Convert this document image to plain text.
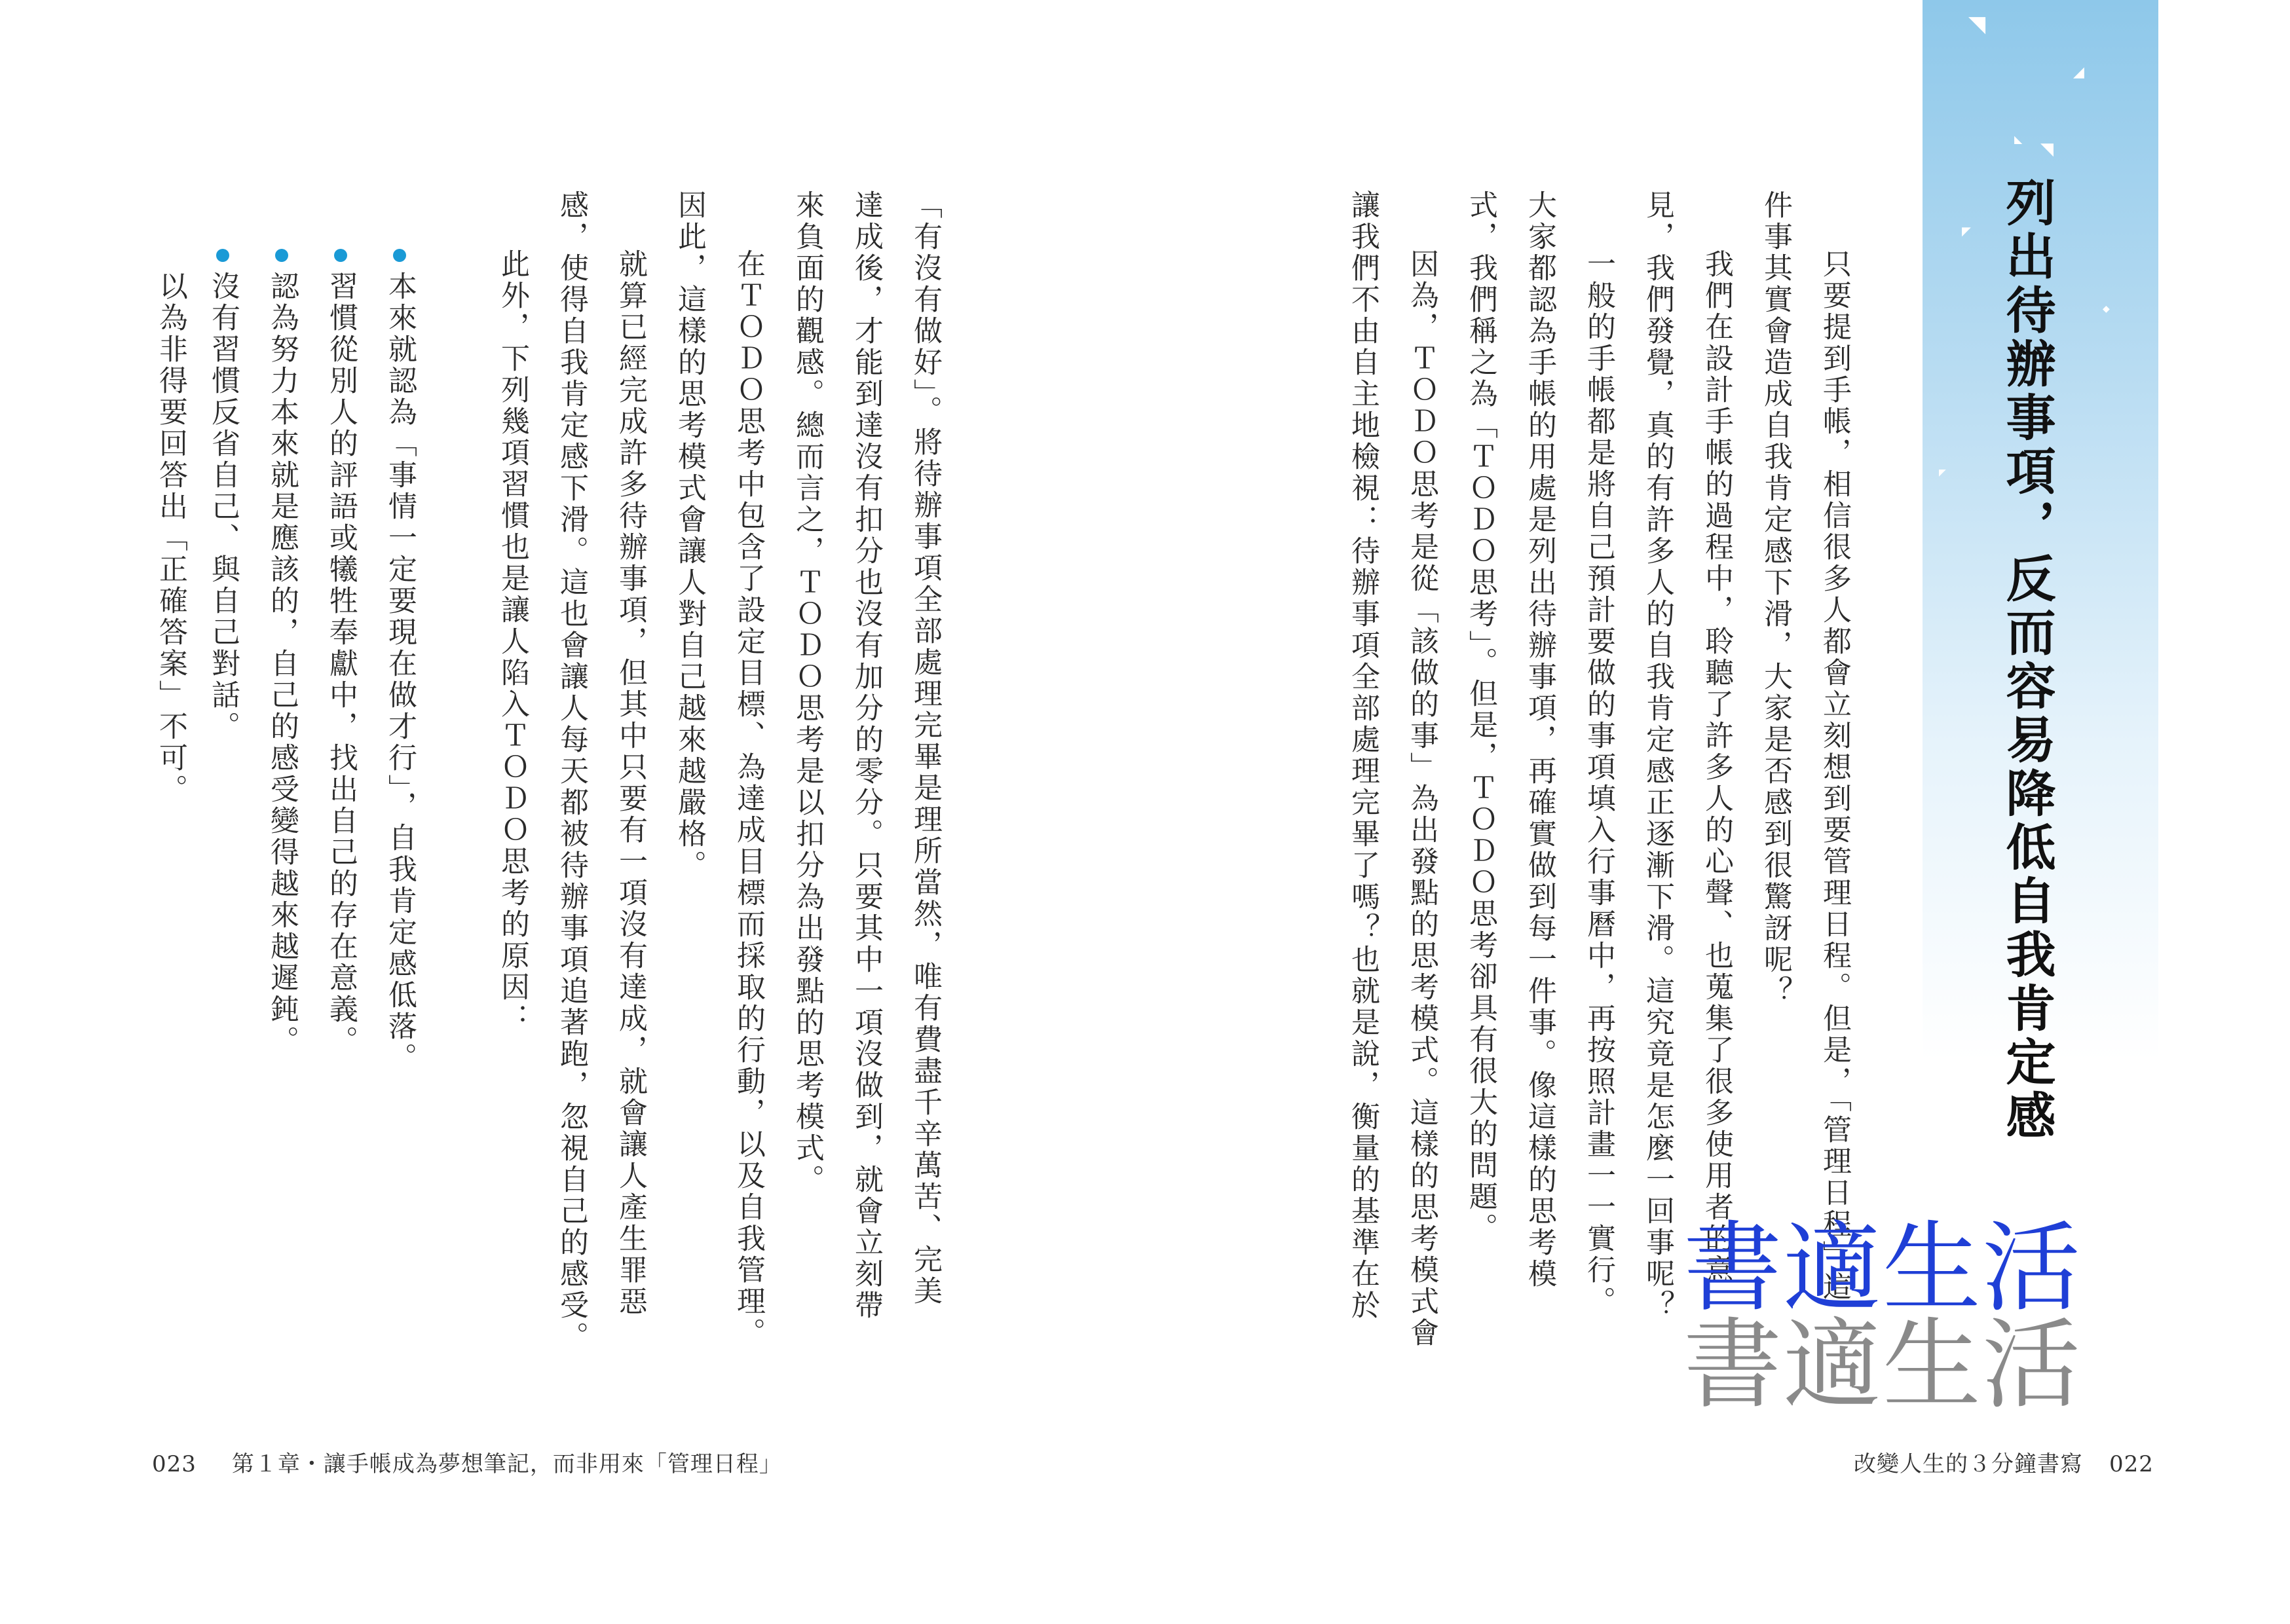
◥
◢
◣
◥
◤
◆
◤ 列出待辦事項，反而容易降低自我肯定感
只要提到手帳，相信很多人都會立刻想到要管理日程。但是，「管理日程」這
件事其實會造成自我肯定感下滑，大家是否感到很驚訝呢？
我們在設計手帳的過程中，聆聽了許多人的心聲、也蒐集了很多使用者的意
見，我們發覺，真的有許多人的自我肯定感正逐漸下滑。這究竟是怎麼一回事呢？
一般的手帳都是將自己預計要做的事項填入行事曆中，再按照計畫一一實行。
大家都認為手帳的用處是列出待辦事項，再確實做到每一件事。像這樣的思考模
式，我們稱之為「ＴＯＤＯ思考」。但是，ＴＯＤＯ思考卻具有很大的問題。
因為，ＴＯＤＯ思考是從「該做的事」為出發點的思考模式。這樣的思考模式會
讓我們不由自主地檢視：待辦事項全部處理完畢了嗎？也就是說，衡量的基準在於
「有沒有做好」。將待辦事項全部處理完畢是理所當然，唯有費盡千辛萬苦、完美
達成後，才能到達沒有扣分也沒有加分的零分。只要其中一項沒做到，就會立刻帶
來負面的觀感。總而言之，ＴＯＤＯ思考是以扣分為出發點的思考模式。
在ＴＯＤＯ思考中包含了設定目標、為達成目標而採取的行動，以及自我管理。
因此，這樣的思考模式會讓人對自己越來越嚴格。
就算已經完成許多待辦事項，但其中只要有一項沒有達成，就會讓人產生罪惡
感，使得自我肯定感下滑。這也會讓人每天都被待辦事項追著跑，忽視自己的感受。
此外，下列幾項習慣也是讓人陷入ＴＯＤＯ思考的原因：
本來就認為「事情一定要現在做才行」，自我肯定感低落。
習慣從別人的評語或犧牲奉獻中，找出自己的存在意義。
認為努力本來就是應該的，自己的感受變得越來越遲鈍。
沒有習慣反省自己、與自己對話。
以為非得要回答出「正確答案」不可。
書適生活
書適生活
023 第１章・讓手帳成為夢想筆記，而非用來「管理日程」	改變人生的３分鐘書寫 022
